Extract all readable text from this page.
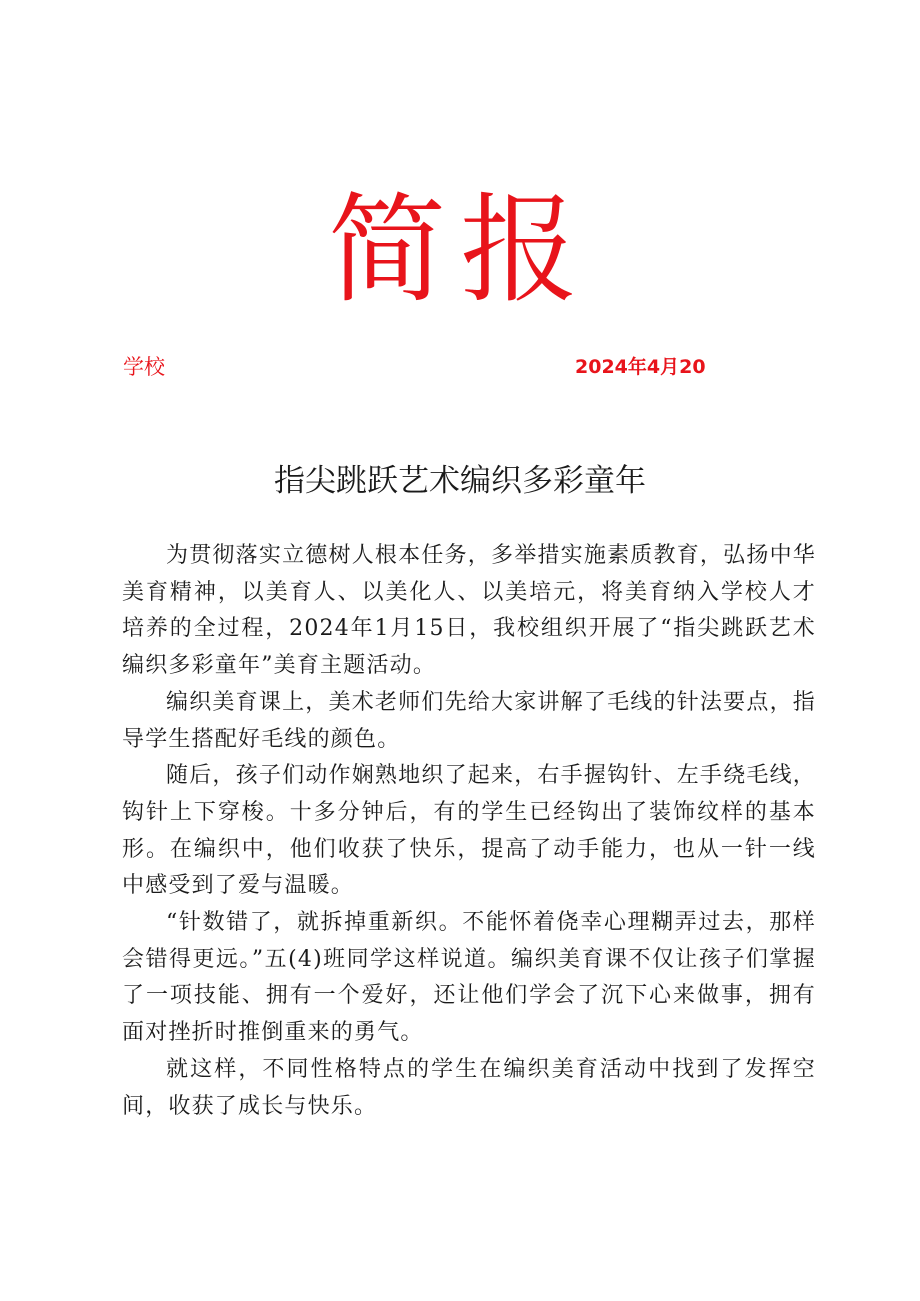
简报
学校	2024年4月20
指尖跳跃艺术编织多彩童年

为贯彻落实立德树人根本任务，多举措实施素质教育，弘扬中华美育精神，以美育人、以美化人、以美培元，将美育纳入学校人才培养的全过程，2024年1月15日，我校组织开展了“指尖跳跃艺术编织多彩童年”美育主题活动。

编织美育课上，美术老师们先给大家讲解了毛线的针法要点，指导学生搭配好毛线的颜色。

随后，孩子们动作娴熟地织了起来，右手握钩针、左手绕毛线，钩针上下穿梭。十多分钟后，有的学生已经钩出了装饰纹样的基本形。在编织中，他们收获了快乐，提高了动手能力，也从一针一线中感受到了爱与温暖。

“针数错了，就拆掉重新织。不能怀着侥幸心理糊弄过去，那样会错得更远。”五(4)班同学这样说道。编织美育课不仅让孩子们掌握了一项技能、拥有一个爱好，还让他们学会了沉下心来做事，拥有面对挫折时推倒重来的勇气。

就这样，不同性格特点的学生在编织美育活动中找到了发挥空间，收获了成长与快乐。
